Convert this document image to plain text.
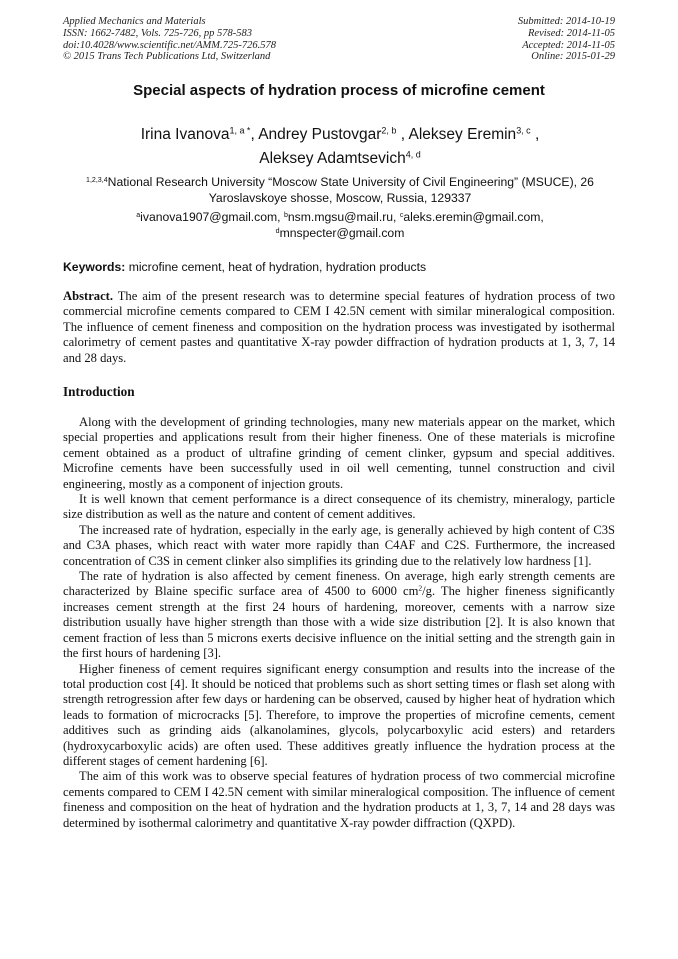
Applied Mechanics and Materials
ISSN: 1662-7482, Vols. 725-726, pp 578-583
doi:10.4028/www.scientific.net/AMM.725-726.578
© 2015 Trans Tech Publications Ltd, Switzerland
Submitted: 2014-10-19
Revised: 2014-11-05
Accepted: 2014-11-05
Online: 2015-01-29
Special aspects of hydration process of microfine cement
Irina Ivanova$^{1, a *}$, Andrey Pustovgar$^{2, b}$ , Aleksey Eremin$^{3, c}$ ,
Aleksey Adamtsevich$^{4, d}$
$^{1,2,3,4}$National Research University “Moscow State University of Civil Engineering” (MSUCE), 26 Yaroslavskoye shosse, Moscow, Russia, 129337
$^a$ivanova1907@gmail.com, $^b$nsm.mgsu@mail.ru, $^c$aleks.eremin@gmail.com,
$^d$mnspecter@gmail.com
Keywords: microfine cement, heat of hydration, hydration products
Abstract. The aim of the present research was to determine special features of hydration process of two commercial microfine cements compared to CEM I 42.5N cement with similar mineralogical composition. The influence of cement fineness and composition on the hydration process was investigated by isothermal calorimetry of cement pastes and quantitative X-ray powder diffraction of hydration products at 1, 3, 7, 14 and 28 days.
Introduction

Along with the development of grinding technologies, many new materials appear on the market, which special properties and applications result from their higher fineness. One of these materials is microfine cement obtained as a product of ultrafine grinding of cement clinker, gypsum and special additives. Microfine cements have been successfully used in oil well cementing, tunnel construction and civil engineering, mostly as a component of injection grouts.

It is well known that cement performance is a direct consequence of its chemistry, mineralogy, particle size distribution as well as the nature and content of cement additives.

The increased rate of hydration, especially in the early age, is generally achieved by high content of C3S and C3A phases, which react with water more rapidly than C4AF and C2S. Furthermore, the increased concentration of C3S in cement clinker also simplifies its grinding due to the relatively low hardness [1].

The rate of hydration is also affected by cement fineness. On average, high early strength cements are characterized by Blaine specific surface area of 4500 to 6000 $cm^2/g$. The higher fineness significantly increases cement strength at the first 24 hours of hardening, moreover, cements with a narrow size distribution usually have higher strength than those with a wide size distribution [2]. It is also known that cement fraction of less than 5 microns exerts decisive influence on the initial setting and the strength gain in the first hours of hardening [3].

Higher fineness of cement requires significant energy consumption and results into the increase of the total production cost [4]. It should be noticed that problems such as short setting times or flash set along with strength retrogression after few days or hardening can be observed, caused by higher heat of hydration which leads to formation of microcracks [5]. Therefore, to improve the properties of microfine cements, cement additives such as grinding aids (alkanolamines, glycols, polycarboxylic acid esters) and retarders (hydroxycarboxylic acids) are often used. These additives greatly influence the hydration process at the different stages of cement hardening [6].

The aim of this work was to observe special features of hydration process of two commercial microfine cements compared to CEM I 42.5N cement with similar mineralogical composition. The influence of cement fineness and composition on the heat of hydration and the hydration products at 1, 3, 7, 14 and 28 days was determined by isothermal calorimetry and quantitative X-ray powder diffraction (QXPD).
